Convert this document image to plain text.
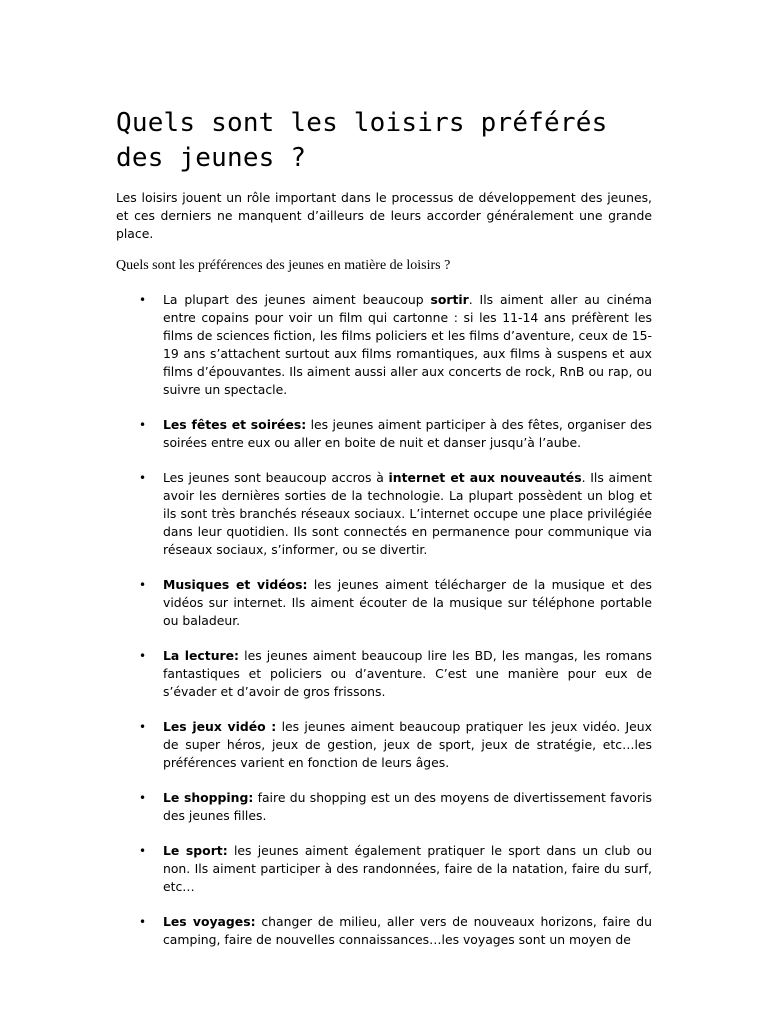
Quels sont les loisirs préférés des jeunes ?

Les loisirs jouent un rôle important dans le processus de développement des jeunes, et ces derniers ne manquent d’ailleurs de leurs accorder généralement une grande place.

Quels sont les préférences des jeunes en matière de loisirs ?

• La plupart des jeunes aiment beaucoup sortir. Ils aiment aller au cinéma entre copains pour voir un film qui cartonne : si les 11-14 ans préfèrent les films de sciences fiction, les films policiers et les films d’aventure, ceux de 15-19 ans s’attachent surtout aux films romantiques, aux films à suspens et aux films d’épouvantes. Ils aiment aussi aller aux concerts de rock, RnB ou rap, ou suivre un spectacle.
• Les fêtes et soirées: les jeunes aiment participer à des fêtes, organiser des soirées entre eux ou aller en boite de nuit et danser jusqu’à l’aube.
• Les jeunes sont beaucoup accros à internet et aux nouveautés. Ils aiment avoir les dernières sorties de la technologie. La plupart possèdent un blog et ils sont très branchés réseaux sociaux. L’internet occupe une place privilégiée dans leur quotidien. Ils sont connectés en permanence pour communique via réseaux sociaux, s’informer, ou se divertir.
• Musiques et vidéos: les jeunes aiment télécharger de la musique et des vidéos sur internet. Ils aiment écouter de la musique sur téléphone portable ou baladeur.
• La lecture: les jeunes aiment beaucoup lire les BD, les mangas, les romans fantastiques et policiers ou d’aventure. C’est une manière pour eux de s’évader et d’avoir de gros frissons.
• Les jeux vidéo : les jeunes aiment beaucoup pratiquer les jeux vidéo. Jeux de super héros, jeux de gestion, jeux de sport, jeux de stratégie, etc…les préférences varient en fonction de leurs âges.
• Le shopping: faire du shopping est un des moyens de divertissement favoris des jeunes filles.
• Le sport: les jeunes aiment également pratiquer le sport dans un club ou non. Ils aiment participer à des randonnées, faire de la natation, faire du surf, etc…
• Les voyages: changer de milieu, aller vers de nouveaux horizons, faire du camping, faire de nouvelles connaissances…les voyages sont un moyen de
